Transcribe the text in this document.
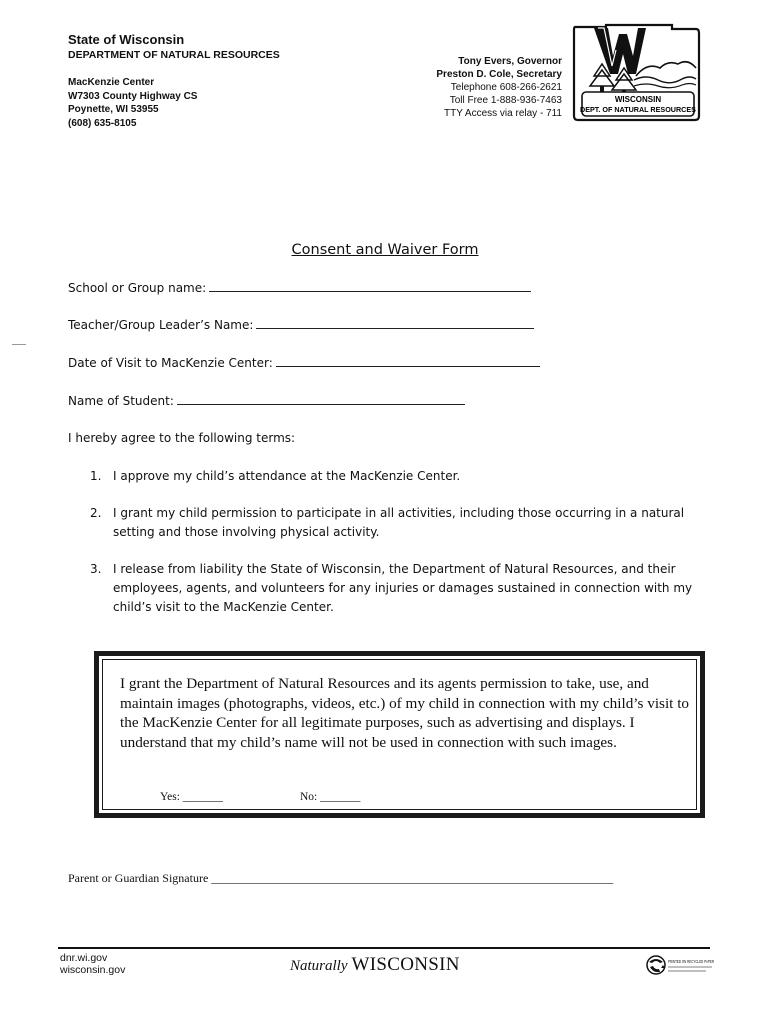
State of Wisconsin
DEPARTMENT OF NATURAL RESOURCES
MacKenzie Center
W7303 County Highway CS
Poynette, WI 53955
(608) 635-8105
Tony Evers, Governor
Preston D. Cole, Secretary
Telephone 608-266-2621
Toll Free 1-888-936-7463
TTY Access via relay - 711
WISCONSIN
DEPT. OF NATURAL RESOURCES
Consent and Waiver Form
School or Group name:
Teacher/Group Leader’s Name:
Date of Visit to MacKenzie Center:
Name of Student:
I hereby agree to the following terms:
1. I approve my child’s attendance at the MacKenzie Center.
2. I grant my child permission to participate in all activities, including those occurring in a natural setting and those involving physical activity.
3. I release from liability the State of Wisconsin, the Department of Natural Resources, and their employees, agents, and volunteers for any injuries or damages sustained in connection with my child’s visit to the MacKenzie Center.
I grant the Department of Natural Resources and its agents permission to take, use, and maintain images (photographs, videos, etc.) of my child in connection with my child’s visit to the MacKenzie Center for all legitimate purposes, such as advertising and displays. I understand that my child’s name will not be used in connection with such images.
Yes: _______	No: _______
Parent or Guardian Signature ___________________________________________________________________
dnr.wi.gov
wisconsin.gov	Naturally WISCONSIN	PRINTED ON RECYCLED PAPER
